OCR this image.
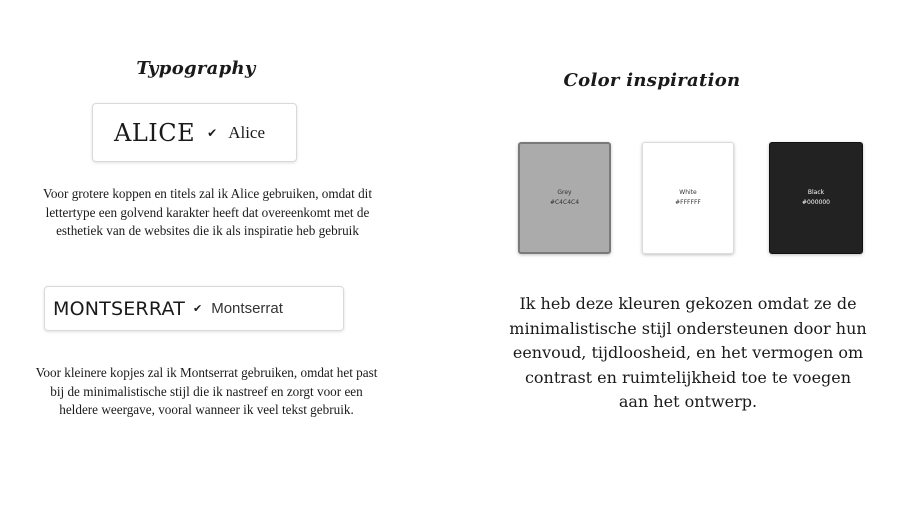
Typography
ALICE ✔ Alice
Voor grotere koppen en titels zal ik Alice gebruiken, omdat dit lettertype een golvend karakter heeft dat overeenkomt met de esthetiek van de websites die ik als inspiratie heb gebruik
MONTSERRAT ✔ Montserrat
Voor kleinere kopjes zal ik Montserrat gebruiken, omdat het past bij de minimalistische stijl die ik nastreef en zorgt voor een heldere weergave, vooral wanneer ik veel tekst gebruik.
Color inspiration
Grey
#C4C4C4
White
#FFFFFF
Black
#000000
Ik heb deze kleuren gekozen omdat ze de minimalistische stijl ondersteunen door hun eenvoud, tijdloosheid, en het vermogen om contrast en ruimtelijkheid toe te voegen aan het ontwerp.
